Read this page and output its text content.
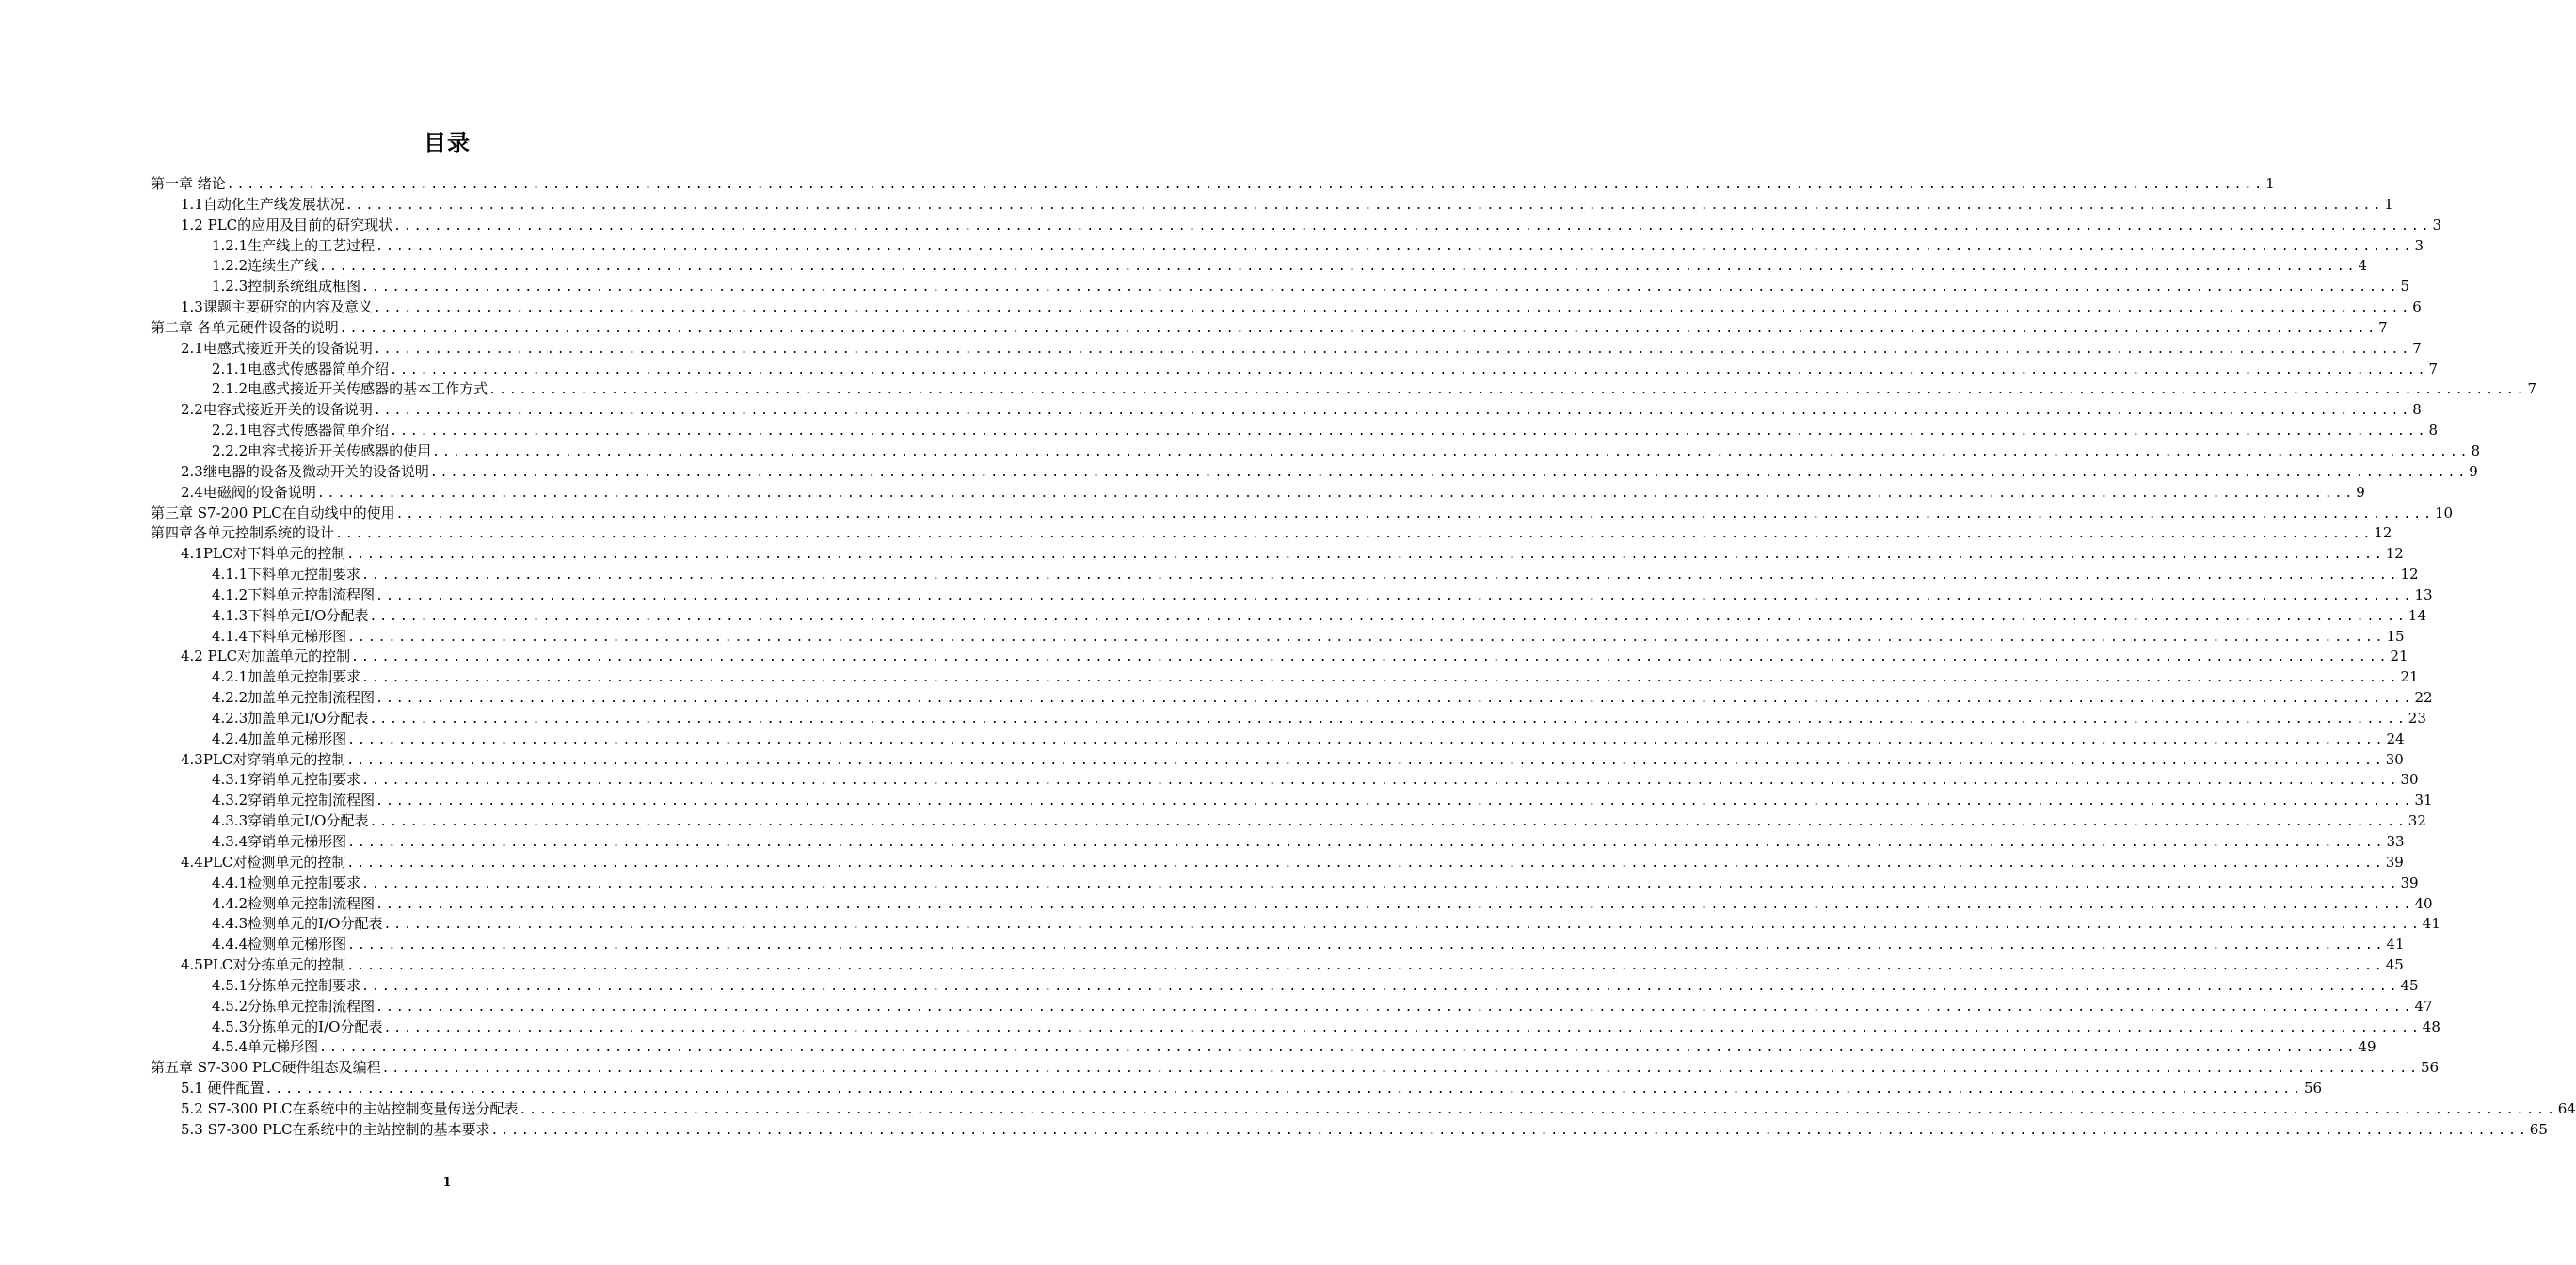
目录
第一章 绪论 ........................................................................................................................................................................................................ 1
1.1自动化生产线发展状况 ........................................................................................................................................................................................................ 1
1.2 PLC的应用及目前的研究现状 ........................................................................................................................................................................................................ 3
1.2.1生产线上的工艺过程 ........................................................................................................................................................................................................ 3
1.2.2连续生产线 ........................................................................................................................................................................................................ 4
1.2.3控制系统组成框图 ........................................................................................................................................................................................................ 5
1.3课题主要研究的内容及意义 ........................................................................................................................................................................................................ 6
第二章 各单元硬件设备的说明 ........................................................................................................................................................................................................ 7
2.1电感式接近开关的设备说明 ........................................................................................................................................................................................................ 7
2.1.1电感式传感器简单介绍 ........................................................................................................................................................................................................ 7
2.1.2电感式接近开关传感器的基本工作方式 ........................................................................................................................................................................................................ 7
2.2电容式接近开关的设备说明 ........................................................................................................................................................................................................ 8
2.2.1电容式传感器简单介绍 ........................................................................................................................................................................................................ 8
2.2.2电容式接近开关传感器的使用 ........................................................................................................................................................................................................ 8
2.3继电器的设备及微动开关的设备说明 ........................................................................................................................................................................................................ 9
2.4电磁阀的设备说明 ........................................................................................................................................................................................................ 9
第三章 S7-200 PLC在自动线中的使用 ........................................................................................................................................................................................................ 10
第四章各单元控制系统的设计 ........................................................................................................................................................................................................ 12
4.1PLC对下料单元的控制 ........................................................................................................................................................................................................ 12
4.1.1下料单元控制要求 ........................................................................................................................................................................................................ 12
4.1.2下料单元控制流程图 ........................................................................................................................................................................................................ 13
4.1.3下料单元I/O分配表 ........................................................................................................................................................................................................ 14
4.1.4下料单元梯形图 ........................................................................................................................................................................................................ 15
4.2 PLC对加盖单元的控制 ........................................................................................................................................................................................................ 21
4.2.1加盖单元控制要求 ........................................................................................................................................................................................................ 21
4.2.2加盖单元控制流程图 ........................................................................................................................................................................................................ 22
4.2.3加盖单元I/O分配表 ........................................................................................................................................................................................................ 23
4.2.4加盖单元梯形图 ........................................................................................................................................................................................................ 24
4.3PLC对穿销单元的控制 ........................................................................................................................................................................................................ 30
4.3.1穿销单元控制要求 ........................................................................................................................................................................................................ 30
4.3.2穿销单元控制流程图 ........................................................................................................................................................................................................ 31
4.3.3穿销单元I/O分配表 ........................................................................................................................................................................................................ 32
4.3.4穿销单元梯形图 ........................................................................................................................................................................................................ 33
4.4PLC对检测单元的控制 ........................................................................................................................................................................................................ 39
4.4.1检测单元控制要求 ........................................................................................................................................................................................................ 39
4.4.2检测单元控制流程图 ........................................................................................................................................................................................................ 40
4.4.3检测单元的I/O分配表 ........................................................................................................................................................................................................ 41
4.4.4检测单元梯形图 ........................................................................................................................................................................................................ 41
4.5PLC对分拣单元的控制 ........................................................................................................................................................................................................ 45
4.5.1分拣单元控制要求 ........................................................................................................................................................................................................ 45
4.5.2分拣单元控制流程图 ........................................................................................................................................................................................................ 47
4.5.3分拣单元的I/O分配表 ........................................................................................................................................................................................................ 48
4.5.4单元梯形图 ........................................................................................................................................................................................................ 49
第五章 S7-300 PLC硬件组态及编程 ........................................................................................................................................................................................................ 56
5.1 硬件配置 ........................................................................................................................................................................................................ 56
5.2 S7-300 PLC在系统中的主站控制变量传送分配表 ........................................................................................................................................................................................................ 64
5.3 S7-300 PLC在系统中的主站控制的基本要求 ........................................................................................................................................................................................................ 65
1
